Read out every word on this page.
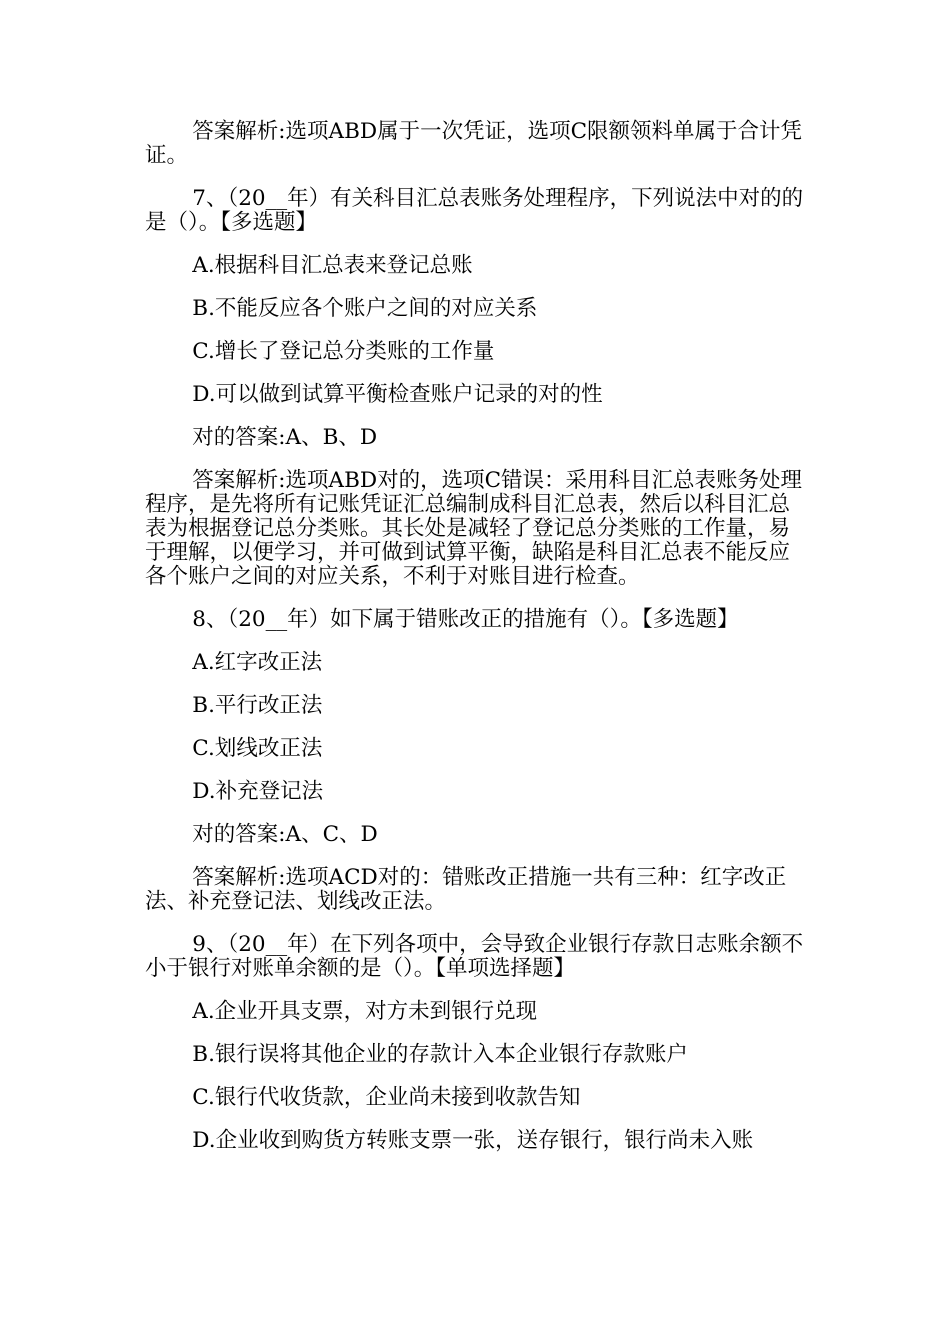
答案解析:选项ABD属于一次凭证，选项C限额领料单属于合计凭证。

7、（20__年）有关科目汇总表账务处理程序，下列说法中对的的是（）。【多选题】

A.根据科目汇总表来登记总账

B.不能反应各个账户之间的对应关系

C.增长了登记总分类账的工作量

D.可以做到试算平衡检查账户记录的对的性

对的答案:A、B、D

答案解析:选项ABD对的，选项C错误：采用科目汇总表账务处理程序，是先将所有记账凭证汇总编制成科目汇总表，然后以科目汇总表为根据登记总分类账。其长处是减轻了登记总分类账的工作量，易于理解，以便学习，并可做到试算平衡，缺陷是科目汇总表不能反应各个账户之间的对应关系，不利于对账目进行检查。

8、（20__年）如下属于错账改正的措施有（）。【多选题】

A.红字改正法

B.平行改正法

C.划线改正法

D.补充登记法

对的答案:A、C、D

答案解析:选项ACD对的：错账改正措施一共有三种：红字改正法、补充登记法、划线改正法。

9、（20__年）在下列各项中，会导致企业银行存款日志账余额不小于银行对账单余额的是（）。【单项选择题】

A.企业开具支票，对方未到银行兑现

B.银行误将其他企业的存款计入本企业银行存款账户

C.银行代收货款，企业尚未接到收款告知

D.企业收到购货方转账支票一张，送存银行，银行尚未入账
